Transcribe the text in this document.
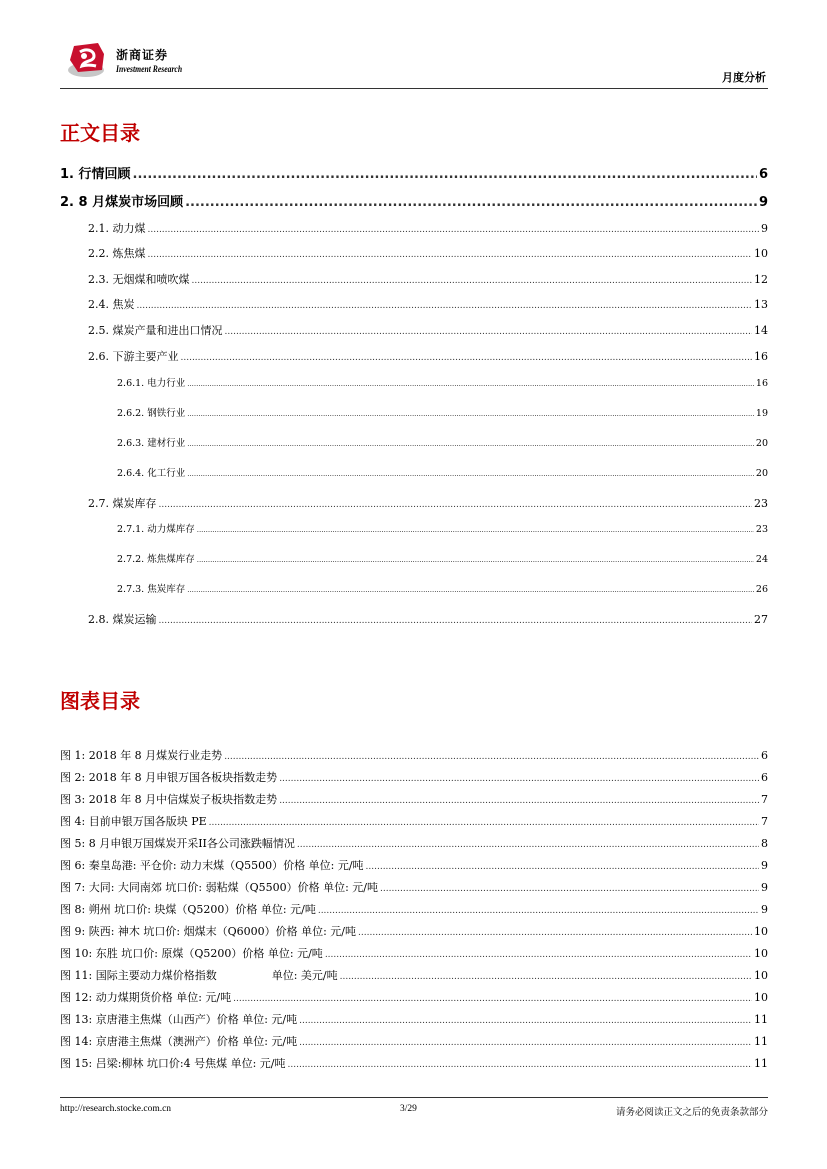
浙商证券
Investment Research
月度分析
正文目录
1. 行情回顾 .....	6
2. 8 月煤炭市场回顾 .....	9
2.1. 动力煤 .....	9
2.2. 炼焦煤 .....	10
2.3. 无烟煤和喷吹煤 .....	12
2.4. 焦炭 .....	13
2.5. 煤炭产量和进出口情况 .....	14
2.6. 下游主要产业 .....	16
2.6.1. 电力行业 .....	16
2.6.2. 钢铁行业 .....	19
2.6.3. 建材行业 .....	20
2.6.4. 化工行业 .....	20
2.7. 煤炭库存 .....	23
2.7.1. 动力煤库存 .....	23
2.7.2. 炼焦煤库存 .....	24
2.7.3. 焦炭库存 .....	26
2.8. 煤炭运输 .....	27
图表目录
图 1: 2018 年 8 月煤炭行业走势 .....	6
图 2: 2018 年 8 月申银万国各板块指数走势 .....	6
图 3: 2018 年 8 月中信煤炭子板块指数走势 .....	7
图 4: 目前申银万国各版块 PE .....	7
图 5: 8 月申银万国煤炭开采II各公司涨跌幅情况 .....	8
图 6: 秦皇岛港: 平仓价: 动力末煤（Q5500）价格 单位: 元/吨 .....	9
图 7: 大同: 大同南郊 坑口价: 弱粘煤（Q5500）价格 单位: 元/吨 .....	9
图 8: 朔州 坑口价: 块煤（Q5200）价格 单位: 元/吨 .....	9
图 9: 陕西: 神木 坑口价: 烟煤末（Q6000）价格 单位: 元/吨 .....	10
图 10: 东胜 坑口价: 原煤（Q5200）价格 单位: 元/吨 .....	10
图 11: 国际主要动力煤价格指数　　　　　单位: 美元/吨 .....	10
图 12: 动力煤期货价格 单位: 元/吨 .....	10
图 13: 京唐港主焦煤（山西产）价格 单位: 元/吨 .....	11
图 14: 京唐港主焦煤（澳洲产）价格 单位: 元/吨 .....	11
图 15: 吕梁:柳林 坑口价:4 号焦煤 单位: 元/吨 .....	11
http://research.stocke.com.cn	3/29	请务必阅读正文之后的免责条款部分
